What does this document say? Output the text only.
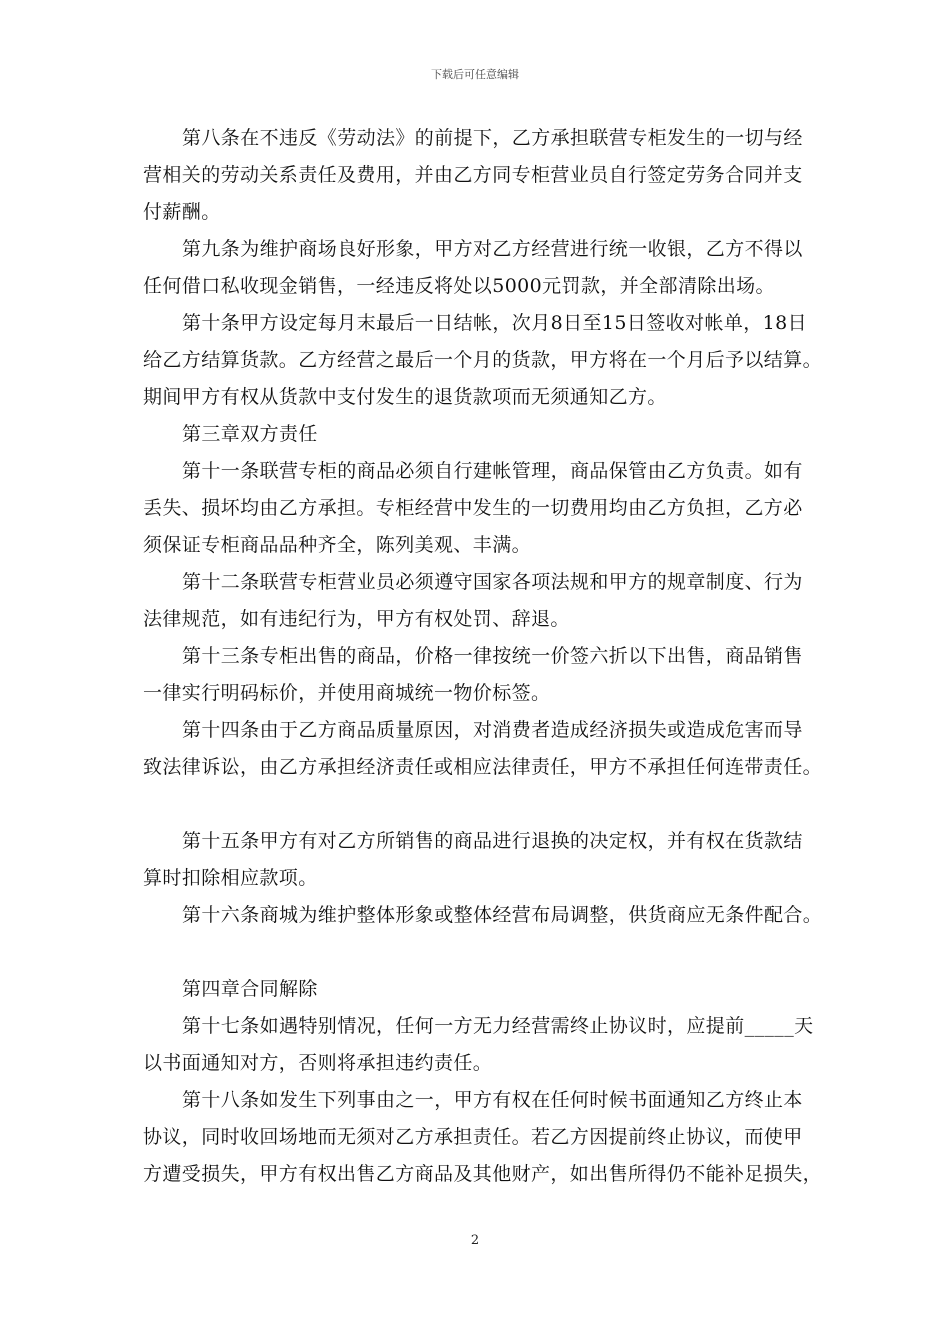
下载后可任意编辑
第八条在不违反《劳动法》的前提下，乙方承担联营专柜发生的一切与经
营相关的劳动关系责任及费用，并由乙方同专柜营业员自行签定劳务合同并支
付薪酬。
第九条为维护商场良好形象，甲方对乙方经营进行统一收银，乙方不得以
任何借口私收现金销售，一经违反将处以5000元罚款，并全部清除出场。
第十条甲方设定每月末最后一日结帐，次月8日至15日签收对帐单，18日
给乙方结算货款。乙方经营之最后一个月的货款，甲方将在一个月后予以结算。
期间甲方有权从货款中支付发生的退货款项而无须通知乙方。
第三章双方责任
第十一条联营专柜的商品必须自行建帐管理，商品保管由乙方负责。如有
丢失、损坏均由乙方承担。专柜经营中发生的一切费用均由乙方负担，乙方必
须保证专柜商品品种齐全，陈列美观、丰满。
第十二条联营专柜营业员必须遵守国家各项法规和甲方的规章制度、行为
法律规范，如有违纪行为，甲方有权处罚、辞退。
第十三条专柜出售的商品，价格一律按统一价签六折以下出售，商品销售
一律实行明码标价，并使用商城统一物价标签。
第十四条由于乙方商品质量原因，对消费者造成经济损失或造成危害而导
致法律诉讼，由乙方承担经济责任或相应法律责任，甲方不承担任何连带责任。
第十五条甲方有对乙方所销售的商品进行退换的决定权，并有权在货款结
算时扣除相应款项。
第十六条商城为维护整体形象或整体经营布局调整，供货商应无条件配合。
第四章合同解除
第十七条如遇特别情况，任何一方无力经营需终止协议时，应提前_____天
以书面通知对方，否则将承担违约责任。
第十八条如发生下列事由之一，甲方有权在任何时候书面通知乙方终止本
协议，同时收回场地而无须对乙方承担责任。若乙方因提前终止协议，而使甲
方遭受损失，甲方有权出售乙方商品及其他财产，如出售所得仍不能补足损失，
2
